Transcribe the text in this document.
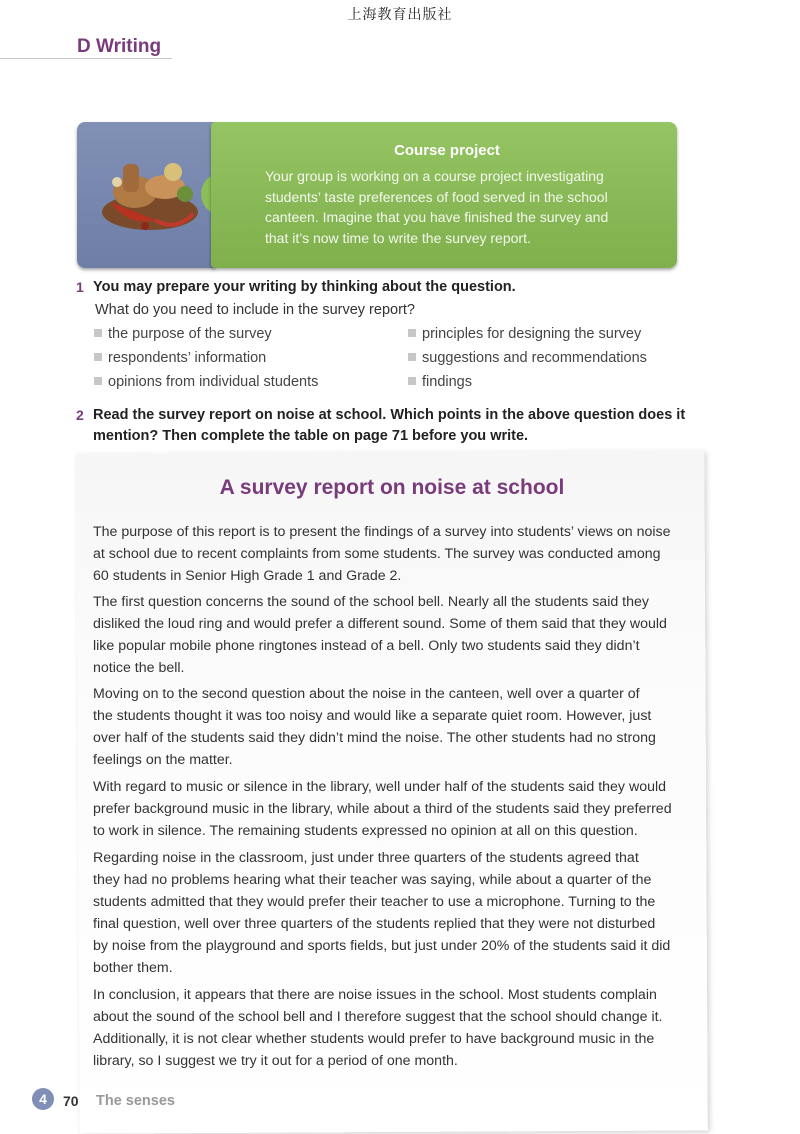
上海教育出版社
D Writing
Course project
Your group is working on a course project investigating
students’ taste preferences of food served in the school
canteen. Imagine that you have finished the survey and
that it’s now time to write the survey report.
1 You may prepare your writing by thinking about the question.
What do you need to include in the survey report?
the purpose of the survey
respondents’ information
opinions from individual students
principles for designing the survey
suggestions and recommendations
findings
2 Read the survey report on noise at school. Which points in the above question does it
mention? Then complete the table on page 71 before you write.
A survey report on noise at school
The purpose of this report is to present the findings of a survey into students’ views on noise
at school due to recent complaints from some students. The survey was conducted among
60 students in Senior High Grade 1 and Grade 2.
The first question concerns the sound of the school bell. Nearly all the students said they
disliked the loud ring and would prefer a different sound. Some of them said that they would
like popular mobile phone ringtones instead of a bell. Only two students said they didn’t
notice the bell.
Moving on to the second question about the noise in the canteen, well over a quarter of
the students thought it was too noisy and would like a separate quiet room. However, just
over half of the students said they didn’t mind the noise. The other students had no strong
feelings on the matter.
With regard to music or silence in the library, well under half of the students said they would
prefer background music in the library, while about a third of the students said they preferred
to work in silence. The remaining students expressed no opinion at all on this question.
Regarding noise in the classroom, just under three quarters of the students agreed that
they had no problems hearing what their teacher was saying, while about a quarter of the
students admitted that they would prefer their teacher to use a microphone. Turning to the
final question, well over three quarters of the students replied that they were not disturbed
by noise from the playground and sports fields, but just under 20% of the students said it did
bother them.
In conclusion, it appears that there are noise issues in the school. Most students complain
about the sound of the school bell and I therefore suggest that the school should change it.
Additionally, it is not clear whether students would prefer to have background music in the
library, so I suggest we try it out for a period of one month.
4	70 The senses
